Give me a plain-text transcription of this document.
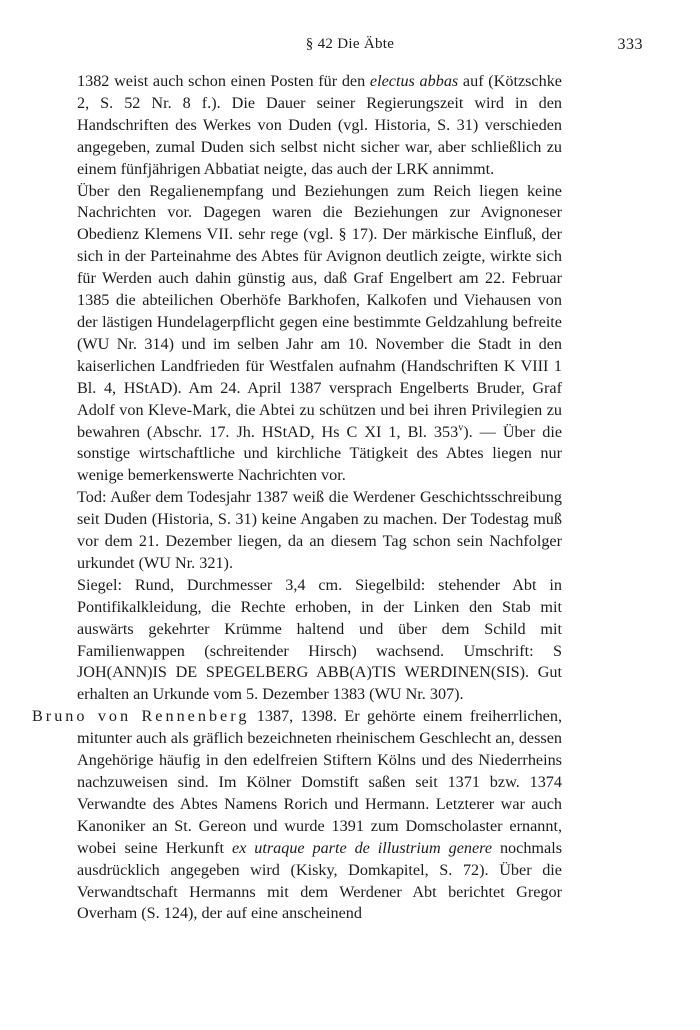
§ 42 Die Äbte	333

1382 weist auch schon einen Posten für den electus abbas auf (Kötzschke 2, S. 52 Nr. 8 f.). Die Dauer seiner Regierungszeit wird in den Handschriften des Werkes von Duden (vgl. Historia, S. 31) verschieden angegeben, zumal Duden sich selbst nicht sicher war, aber schließlich zu einem fünfjährigen Abbatiat neigte, das auch der LRK annimmt.

Über den Regalienempfang und Beziehungen zum Reich liegen keine Nachrichten vor. Dagegen waren die Beziehungen zur Avignoneser Obedienz Klemens VII. sehr rege (vgl. § 17). Der märkische Einfluß, der sich in der Parteinahme des Abtes für Avignon deutlich zeigte, wirkte sich für Werden auch dahin günstig aus, daß Graf Engelbert am 22. Februar 1385 die abteilichen Oberhöfe Barkhofen, Kalkofen und Viehausen von der lästigen Hundelagerpflicht gegen eine bestimmte Geldzahlung befreite (WU Nr. 314) und im selben Jahr am 10. November die Stadt in den kaiserlichen Landfrieden für Westfalen aufnahm (Handschriften K VIII 1 Bl. 4, HStAD). Am 24. April 1387 versprach Engelberts Bruder, Graf Adolf von Kleve-Mark, die Abtei zu schützen und bei ihren Privilegien zu bewahren (Abschr. 17. Jh. HStAD, Hs C XI 1, Bl. 353$^v$). — Über die sonstige wirtschaftliche und kirchliche Tätigkeit des Abtes liegen nur wenige bemerkenswerte Nachrichten vor.

Tod: Außer dem Todesjahr 1387 weiß die Werdener Geschichtsschreibung seit Duden (Historia, S. 31) keine Angaben zu machen. Der Todestag muß vor dem 21. Dezember liegen, da an diesem Tag schon sein Nachfolger urkundet (WU Nr. 321).

Siegel: Rund, Durchmesser 3,4 cm. Siegelbild: stehender Abt in Pontifikalkleidung, die Rechte erhoben, in der Linken den Stab mit auswärts gekehrter Krümme haltend und über dem Schild mit Familienwappen (schreitender Hirsch) wachsend. Umschrift: S JOH(ANN)IS DE SPEGELBERG ABB(A)TIS WERDINEN(SIS). Gut erhalten an Urkunde vom 5. Dezember 1383 (WU Nr. 307).

Bruno von Rennenberg 1387, 1398. Er gehörte einem freiherrlichen, mitunter auch als gräflich bezeichneten rheinischem Geschlecht an, dessen Angehörige häufig in den edelfreien Stiftern Kölns und des Niederrheins nachzuweisen sind. Im Kölner Domstift saßen seit 1371 bzw. 1374 Verwandte des Abtes Namens Rorich und Hermann. Letzterer war auch Kanoniker an St. Gereon und wurde 1391 zum Domscholaster ernannt, wobei seine Herkunft ex utraque parte de illustrium genere nochmals ausdrücklich angegeben wird (Kisky, Domkapitel, S. 72). Über die Verwandtschaft Hermanns mit dem Werdener Abt berichtet Gregor Overham (S. 124), der auf eine anscheinend
